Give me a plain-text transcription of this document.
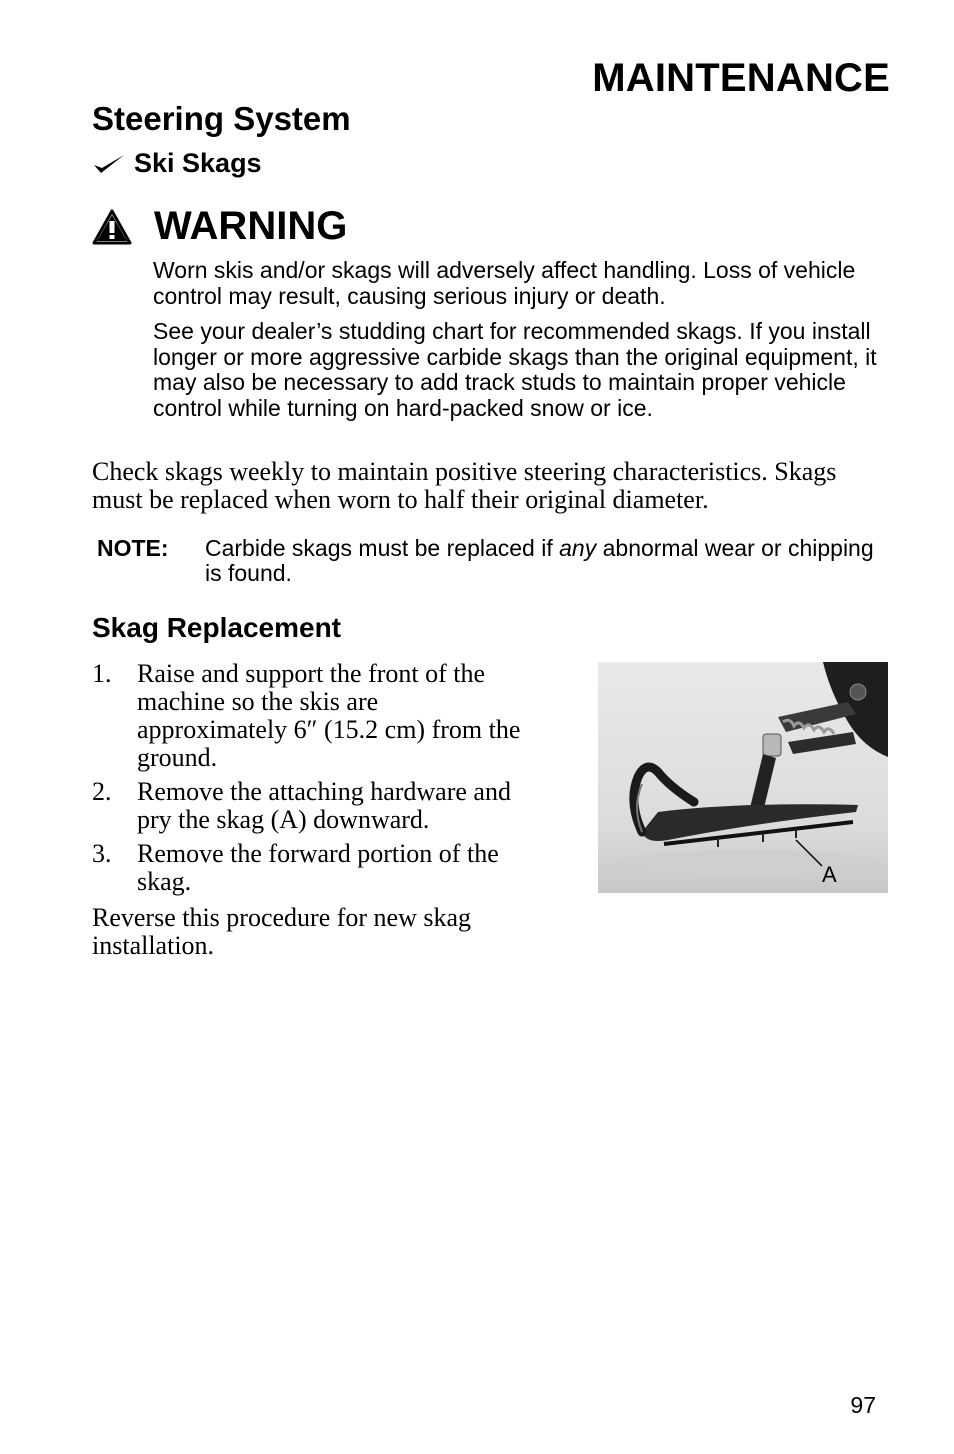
MAINTENANCE
Steering System
Ski Skags
WARNING

Worn skis and/or skags will adversely affect handling. Loss of vehicle control may result, causing serious injury or death.

See your dealer’s studding chart for recommended skags. If you install longer or more aggressive carbide skags than the original equipment, it may also be necessary to add track studs to maintain proper vehicle control while turning on hard-packed snow or ice.

Check skags weekly to maintain positive steering characteristics. Skags must be replaced when worn to half their original diameter.
NOTE:	Carbide skags must be replaced if any abnormal wear or chipping is found.
Skag Replacement
1. Raise and support the front of the machine so the skis are approximately 6″ (15.2 cm) from the ground.
2. Remove the attaching hardware and pry the skag (A) downward.
3. Remove the forward portion of the skag.
Reverse this procedure for new skag installation.
A
97
